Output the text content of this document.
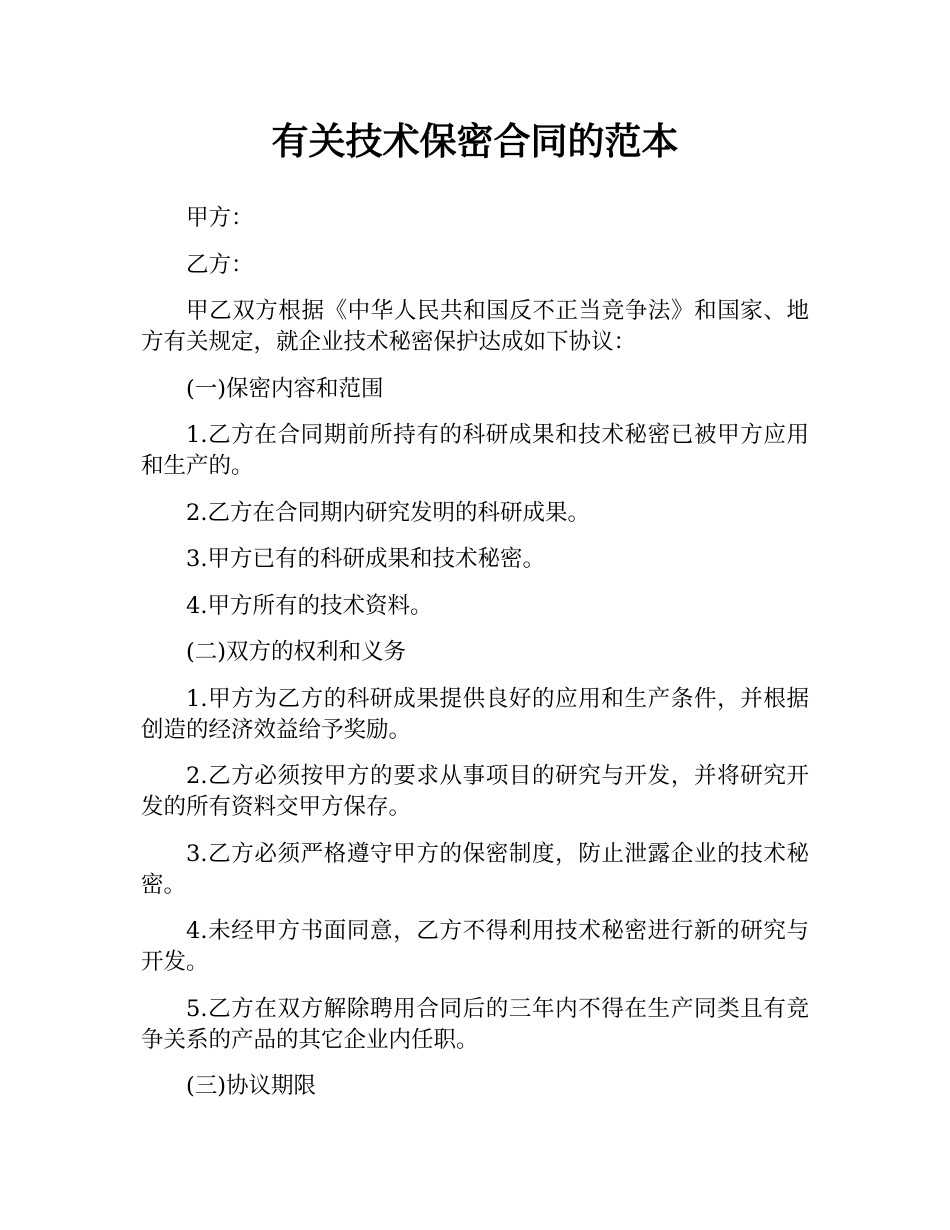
有关技术保密合同的范本

甲方：

乙方：

甲乙双方根据《中华人民共和国反不正当竞争法》和国家、地方有关规定，就企业技术秘密保护达成如下协议：

(一)保密内容和范围

1.乙方在合同期前所持有的科研成果和技术秘密已被甲方应用和生产的。

2.乙方在合同期内研究发明的科研成果。

3.甲方已有的科研成果和技术秘密。

4.甲方所有的技术资料。

(二)双方的权利和义务

1.甲方为乙方的科研成果提供良好的应用和生产条件，并根据创造的经济效益给予奖励。

2.乙方必须按甲方的要求从事项目的研究与开发，并将研究开发的所有资料交甲方保存。

3.乙方必须严格遵守甲方的保密制度，防止泄露企业的技术秘密。

4.未经甲方书面同意，乙方不得利用技术秘密进行新的研究与开发。

5.乙方在双方解除聘用合同后的三年内不得在生产同类且有竞争关系的产品的其它企业内任职。

(三)协议期限
